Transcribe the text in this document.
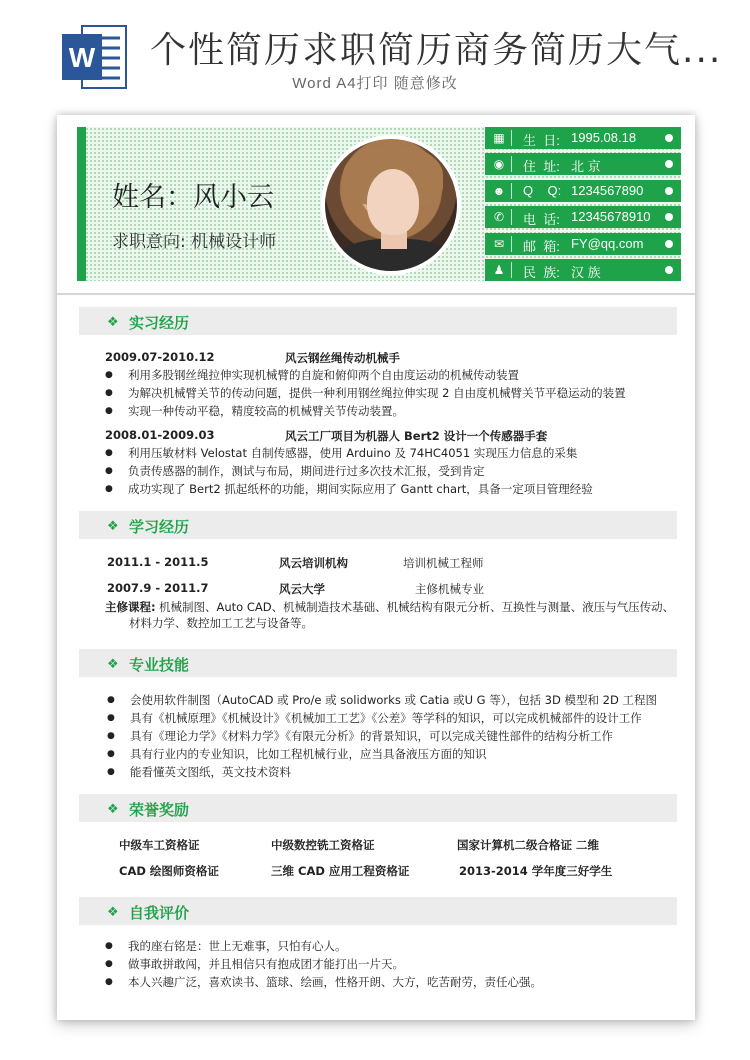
W 个性简历求职简历商务简历大气...
Word A4打印 随意修改
姓名：风小云
求职意向: 机械设计师
▦ 生  日: 1995.08.18
◉ 住  址: 北 京
☻ Q    Q: 1234567890
✆ 电  话: 12345678910
✉ 邮  箱: FY@qq.com
♟ 民  族: 汉 族
❖ 实习经历
2009.07-2010.12	风云钢丝绳传动机械手
● 利用多股钢丝绳拉伸实现机械臂的自旋和俯仰两个自由度运动的机械传动装置
● 为解决机械臂关节的传动问题，提供一种利用钢丝绳拉伸实现 2 自由度机械臂关节平稳运动的装置
● 实现一种传动平稳，精度较高的机械臂关节传动装置。
2008.01-2009.03	风云工厂项目为机器人 Bert2 设计一个传感器手套
● 利用压敏材料 Velostat 自制传感器，使用 Arduino 及 74HC4051 实现压力信息的采集
● 负责传感器的制作，测试与布局，期间进行过多次技术汇报，受到肯定
● 成功实现了 Bert2 抓起纸杯的功能，期间实际应用了 Gantt chart，具备一定项目管理经验
❖ 学习经历
2011.1 - 2011.5	风云培训机构	培训机械工程师
2007.9 - 2011.7	风云大学	主修机械专业
主修课程: 机械制图、Auto CAD、机械制造技术基础、机械结构有限元分析、互换性与测量、液压与气压传动、
材料力学、数控加工工艺与设备等。
❖ 专业技能
● 会使用软件制图（AutoCAD 或 Pro/e 或 solidworks 或 Catia 或U G 等），包括 3D 模型和 2D 工程图
● 具有《机械原理》《机械设计》《机械加工工艺》《公差》等学科的知识，可以完成机械部件的设计工作
● 具有《理论力学》《材料力学》《有限元分析》的背景知识，可以完成关键性部件的结构分析工作
● 具有行业内的专业知识，比如工程机械行业，应当具备液压方面的知识
● 能看懂英文图纸，英文技术资料
❖ 荣誉奖励
中级车工资格证	中级数控铣工资格证	国家计算机二级合格证 二维
CAD 绘图师资格证	三维 CAD 应用工程资格证	2013-2014 学年度三好学生
❖ 自我评价
● 我的座右铭是：世上无难事，只怕有心人。
● 做事敢拼敢闯，并且相信只有抱成团才能打出一片天。
● 本人兴趣广泛，喜欢读书、篮球、绘画，性格开朗、大方，吃苦耐劳，责任心强。
